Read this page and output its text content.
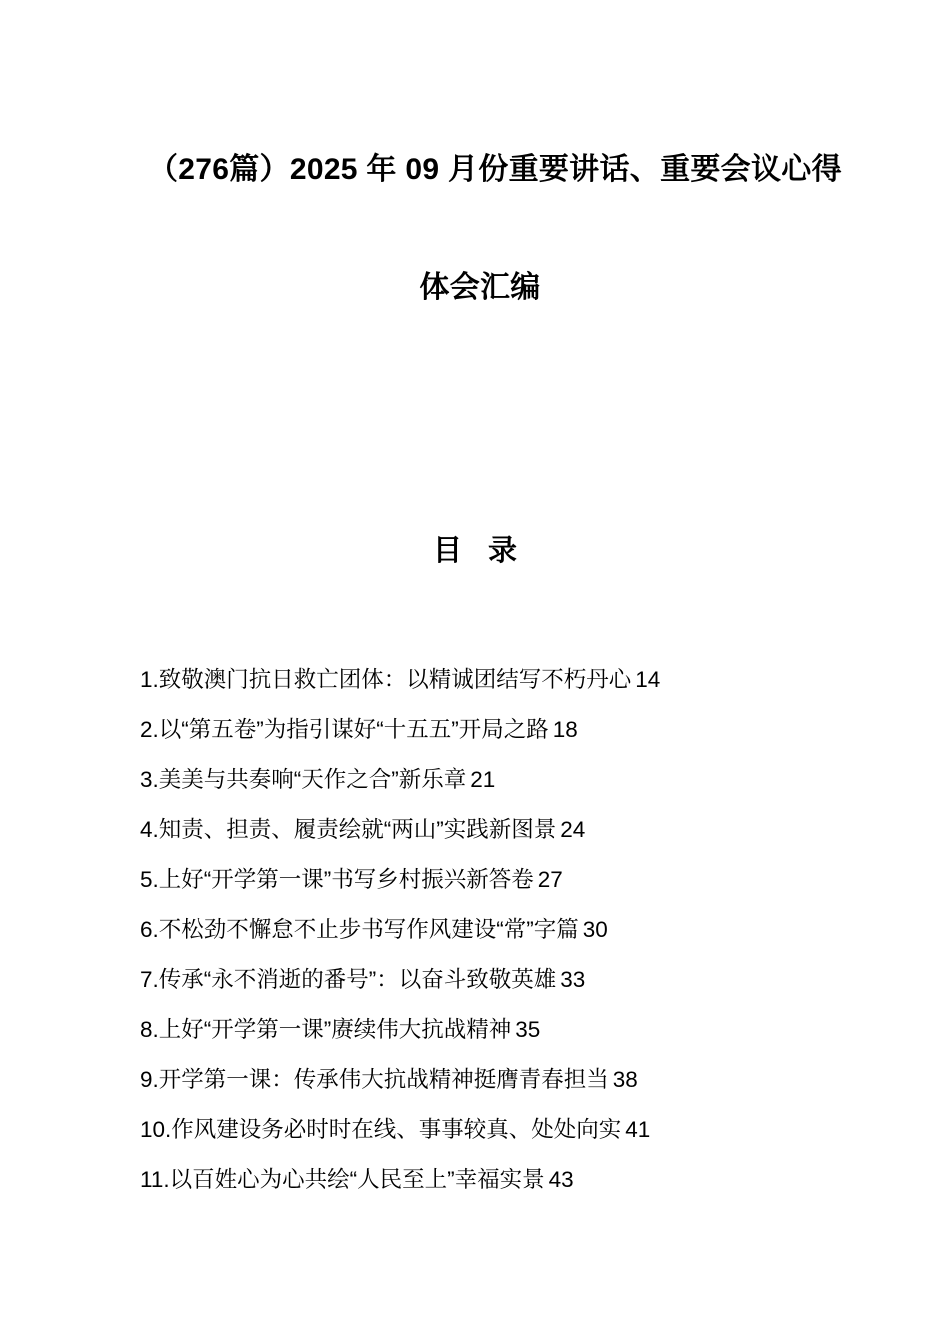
（276篇）2025 年 09 月份重要讲话、重要会议心得
体会汇编
目 录
1.致敬澳门抗日救亡团体：以精诚团结写不朽丹心 14
2.以“第五卷”为指引谋好“十五五”开局之路 18
3.美美与共奏响“天作之合”新乐章 21
4.知责、担责、履责绘就“两山”实践新图景 24
5.上好“开学第一课”书写乡村振兴新答卷 27
6.不松劲不懈怠不止步书写作风建设“常”字篇 30
7.传承“永不消逝的番号”：以奋斗致敬英雄 33
8.上好“开学第一课”赓续伟大抗战精神 35
9.开学第一课：传承伟大抗战精神挺膺青春担当 38
10.作风建设务必时时在线、事事较真、处处向实 41
11.以百姓心为心共绘“人民至上”幸福实景 43
